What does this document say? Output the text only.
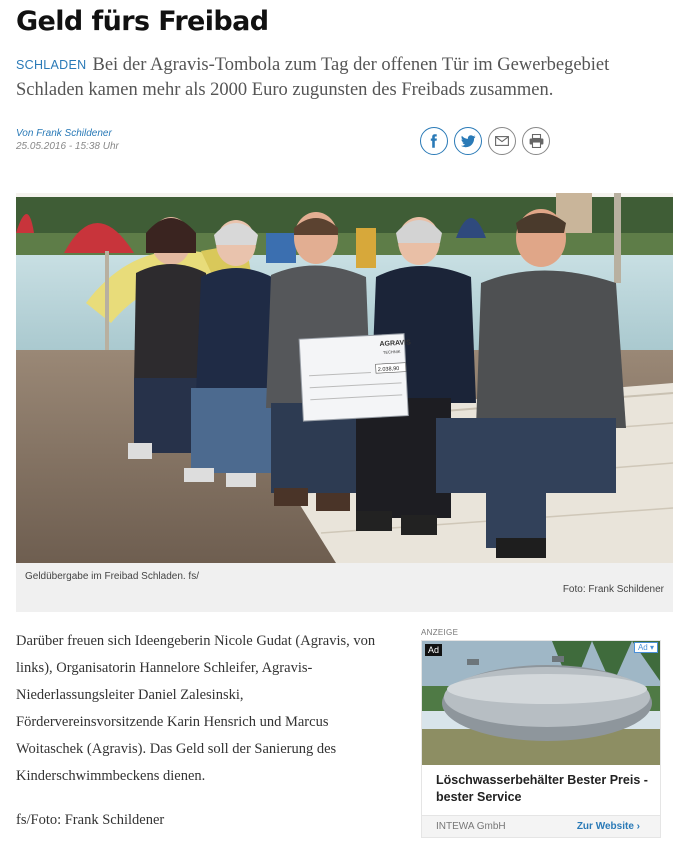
Geld fürs Freibad
SCHLADEN Bei der Agravis-Tombola zum Tag der offenen Tür im Gewerbegebiet Schladen kamen mehr als 2000 Euro zugunsten des Freibads zusammen.
Von Frank Schildener
25.05.2016 - 15:38 Uhr
AGRAVIS
TECHNIK
2.038,90
Geldübergabe im Freibad Schladen. fs/
Foto: Frank Schildener

Darüber freuen sich Ideengeberin Nicole Gudat (Agravis, von links), Organisatorin Hannelore Schleifer, Agravis-Niederlassungsleiter Daniel Zalesinski, Fördervereinsvorsitzende Karin Hensrich und Marcus Woitaschek (Agravis). Das Geld soll der Sanierung des Kinderschwimmbeckens dienen.

fs/Foto: Frank Schildener

ANZEIGE
Ad	Ad ▾
Löschwasserbehälter Bester Preis - bester Service
INTEWA GmbH	Zur Website ›
